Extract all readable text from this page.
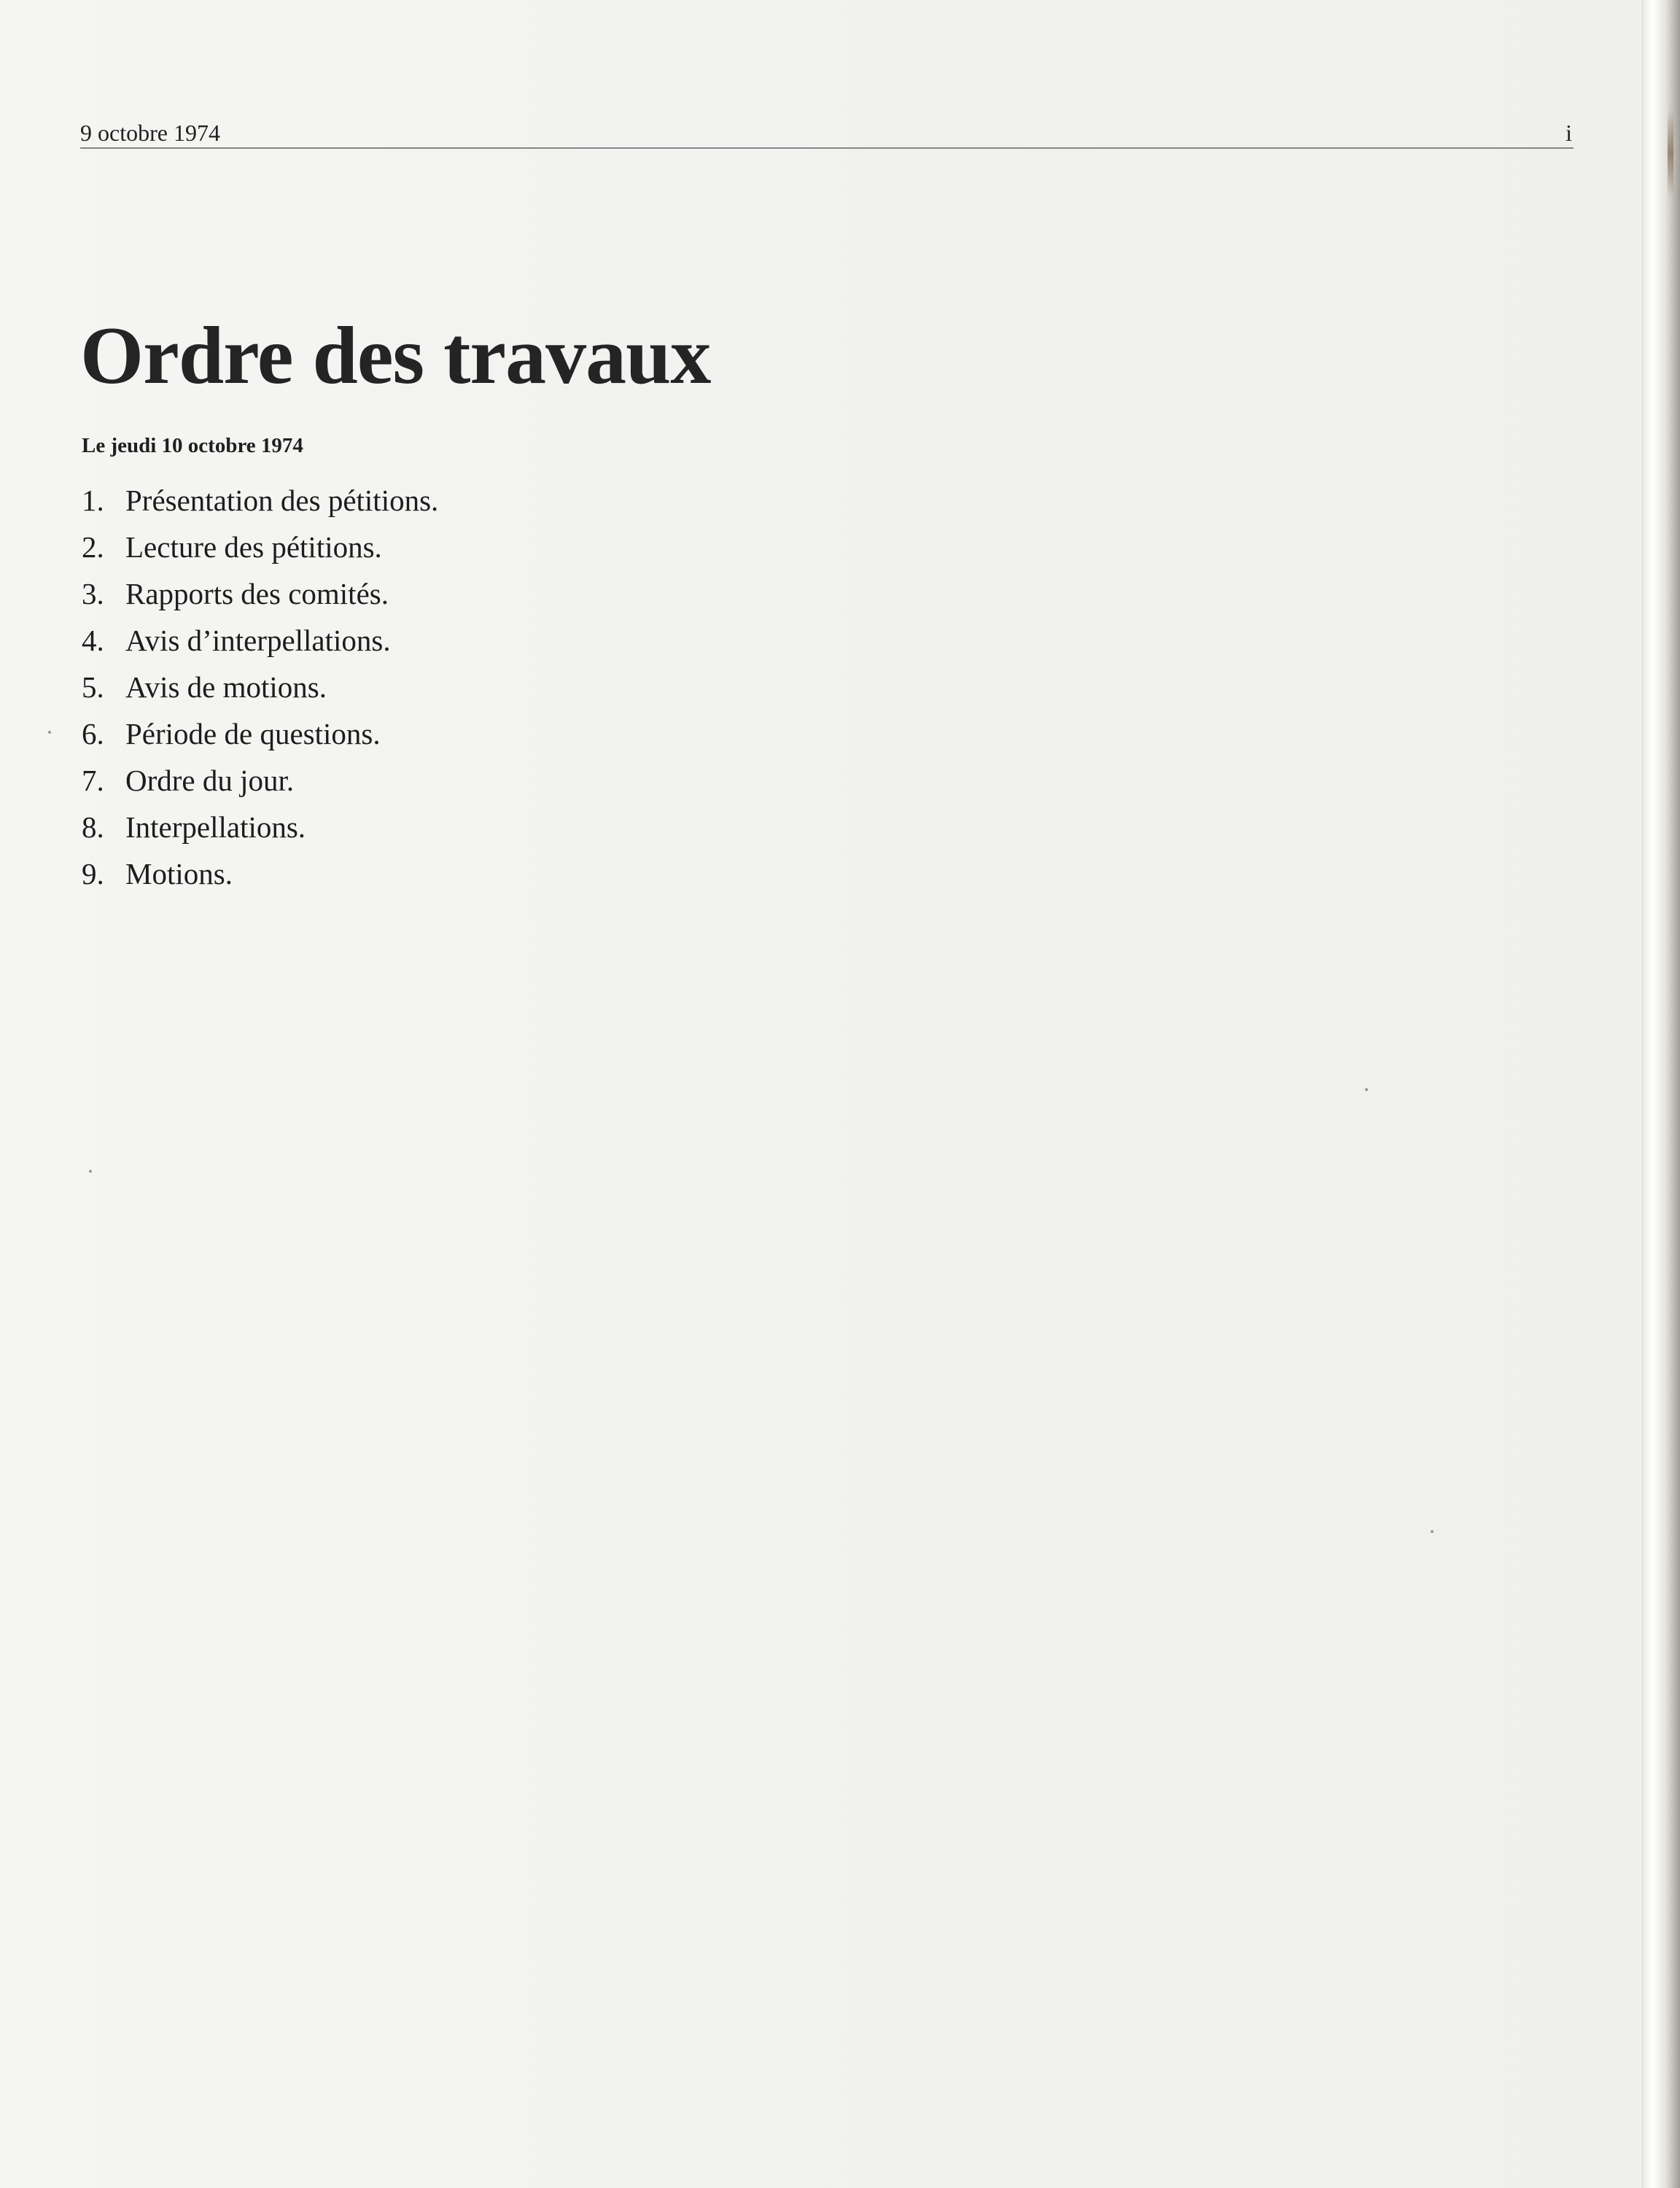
9 octobre 1974	i
Ordre des travaux
Le jeudi 10 octobre 1974
1. Présentation des pétitions.
2. Lecture des pétitions.
3. Rapports des comités.
4. Avis d’interpellations.
5. Avis de motions.
6. Période de questions.
7. Ordre du jour.
8. Interpellations.
9. Motions.
